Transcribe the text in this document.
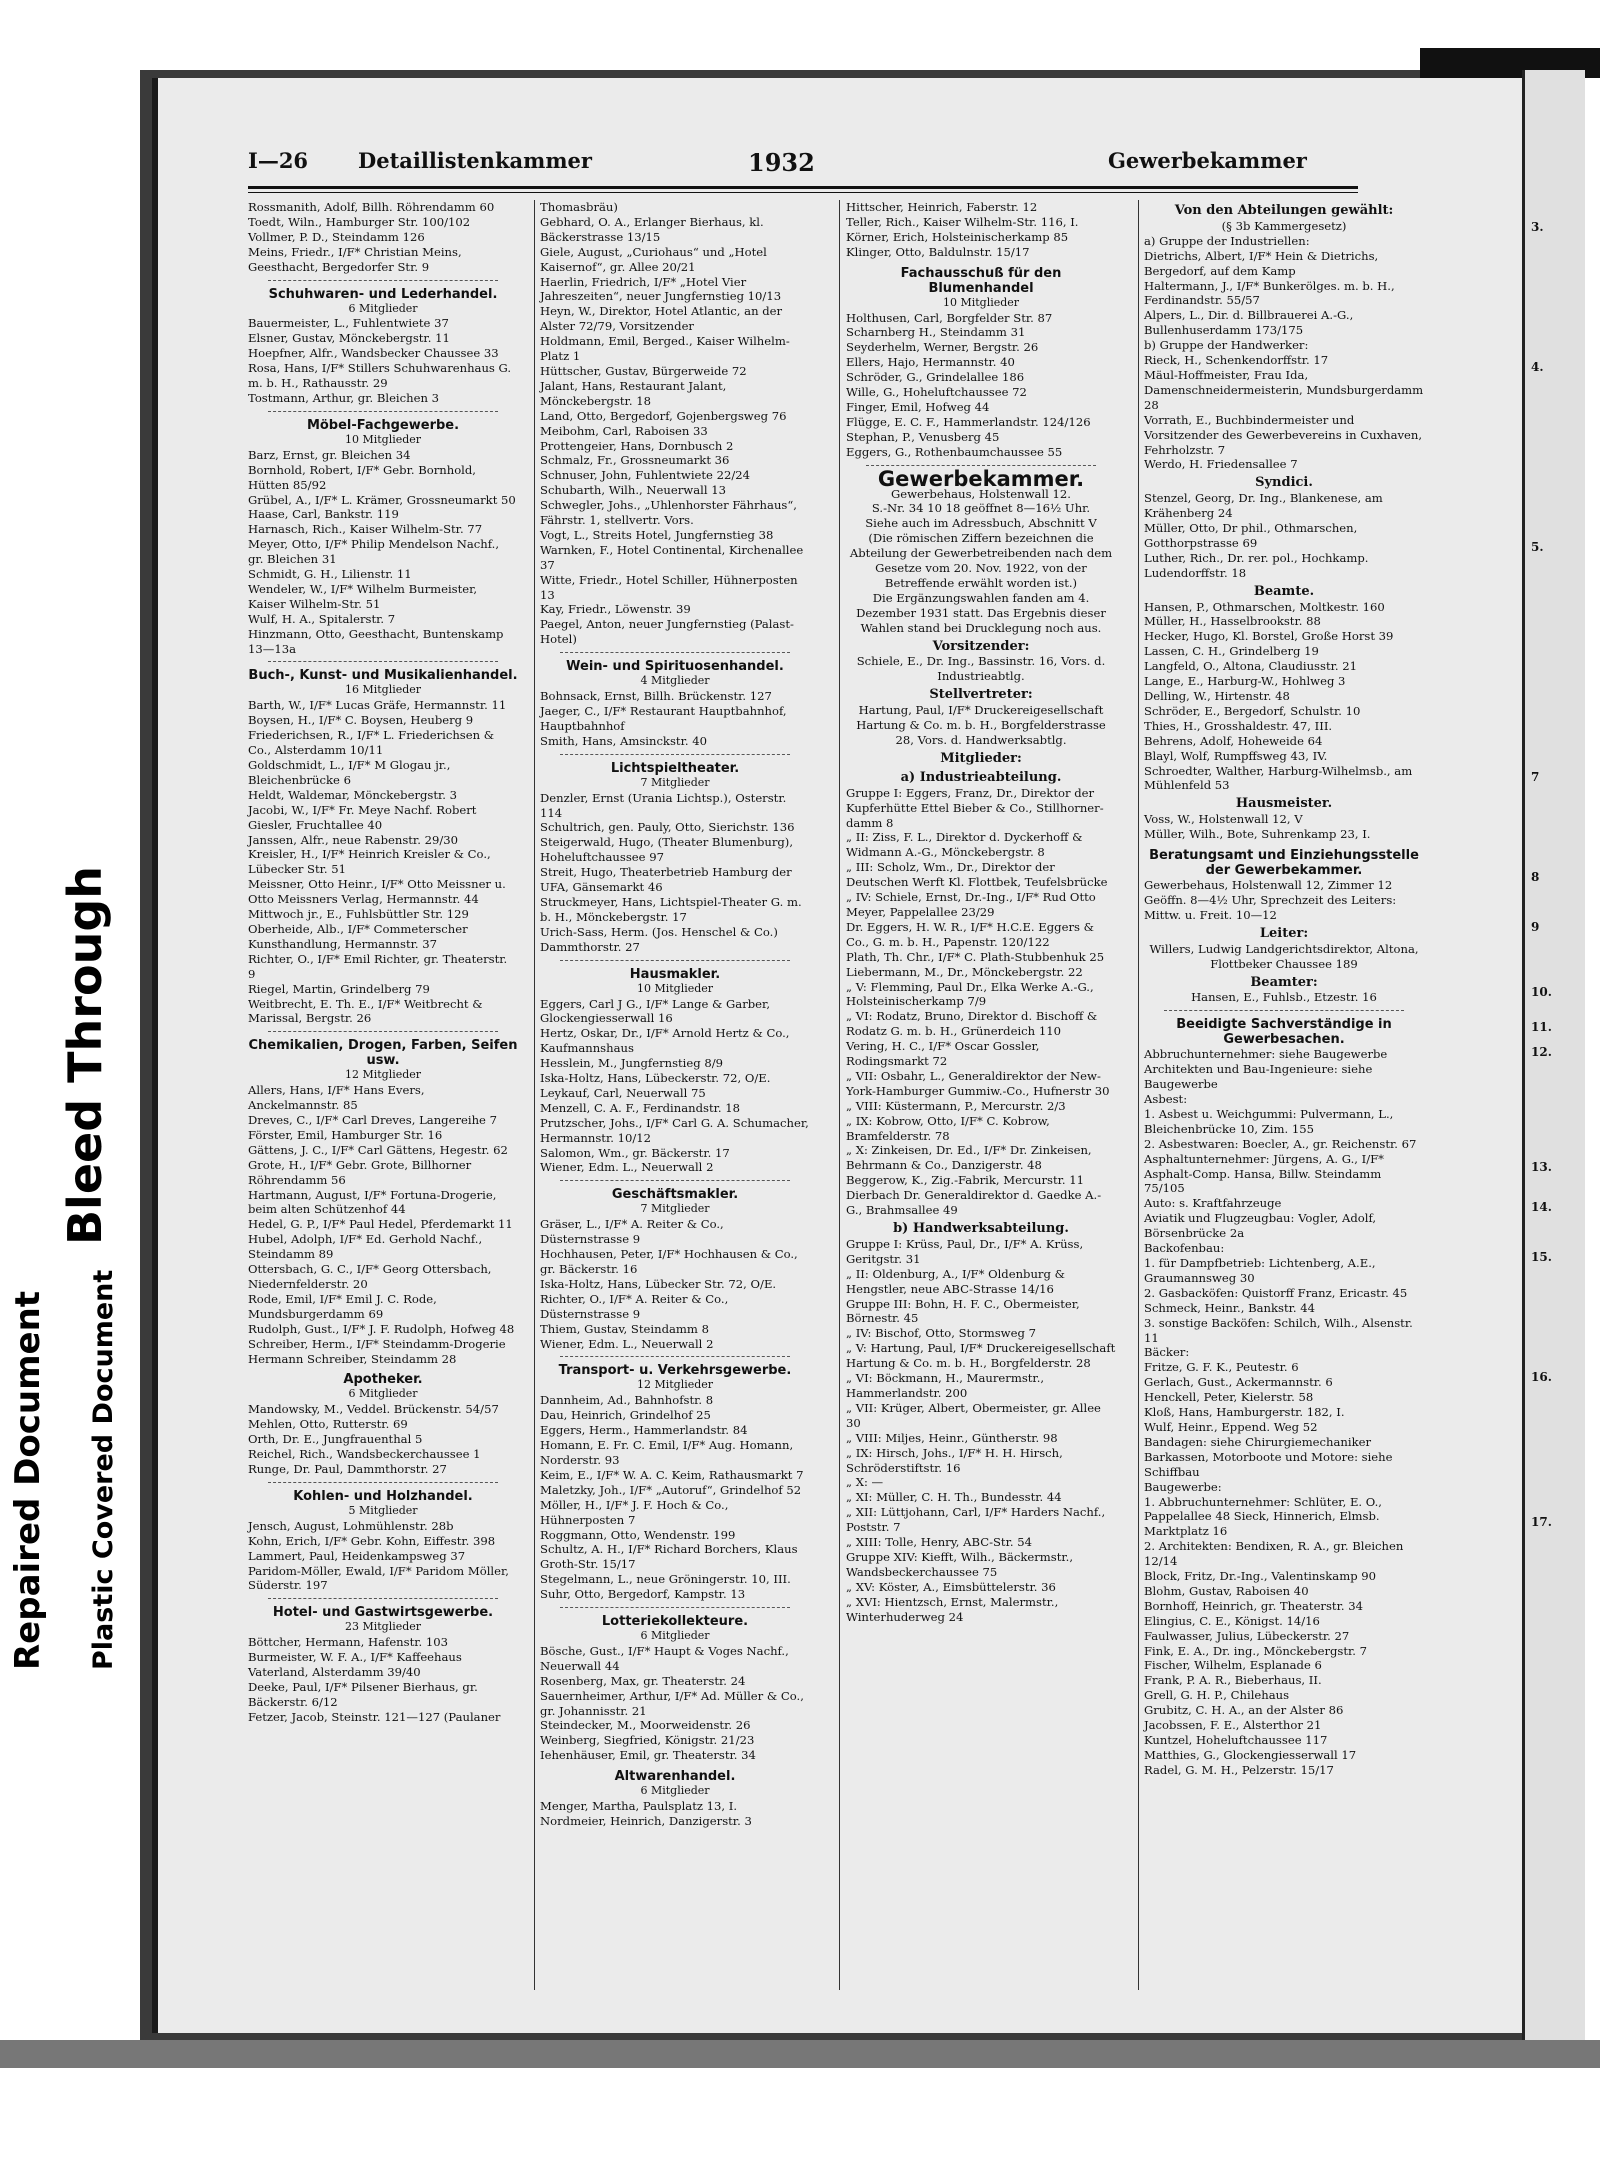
3.
4.
5.
7
8
9
10.
11.
12.
13.
14.
15.
16.
17.
I—26 Detaillistenkammer	1932	Gewerbekammer
Rossmanith, Adolf, Billh. Röhrendamm 60
Toedt, Wiln., Hamburger Str. 100/102
Vollmer, P. D., Steindamm 126
Meins, Friedr., I/F* Christian Meins, Geesthacht, Bergedorfer Str. 9
Schuhwaren- und Lederhandel.
6 Mitglieder
Bauermeister, L., Fuhlentwiete 37
Elsner, Gustav, Mönckebergstr. 11
Hoepfner, Alfr., Wandsbecker Chaussee 33
Rosa, Hans, I/F* Stillers Schuhwarenhaus G. m. b. H., Rathausstr. 29
Tostmann, Arthur, gr. Bleichen 3
Möbel-Fachgewerbe.
10 Mitglieder
Barz, Ernst, gr. Bleichen 34
Bornhold, Robert, I/F* Gebr. Bornhold, Hütten 85/92
Grübel, A., I/F* L. Krämer, Grossneumarkt 50
Haase, Carl, Bankstr. 119
Harnasch, Rich., Kaiser Wilhelm-Str. 77
Meyer, Otto, I/F* Philip Mendelson Nachf., gr. Bleichen 31
Schmidt, G. H., Lilienstr. 11
Wendeler, W., I/F* Wilhelm Burmeister, Kaiser Wilhelm-Str. 51
Wulf, H. A., Spitalerstr. 7
Hinzmann, Otto, Geesthacht, Buntenskamp 13—13a
Buch-, Kunst- und Musikalienhandel.
16 Mitglieder
Barth, W., I/F* Lucas Gräfe, Hermannstr. 11
Boysen, H., I/F* C. Boysen, Heuberg 9
Friederichsen, R., I/F* L. Friederichsen & Co., Alsterdamm 10/11
Goldschmidt, L., I/F* M Glogau jr., Bleichenbrücke 6
Heldt, Waldemar, Mönckebergstr. 3
Jacobi, W., I/F* Fr. Meye Nachf. Robert Giesler, Fruchtallee 40
Janssen, Alfr., neue Rabenstr. 29/30
Kreisler, H., I/F* Heinrich Kreisler & Co., Lübecker Str. 51
Meissner, Otto Heinr., I/F* Otto Meissner u. Otto Meissners Verlag, Hermannstr. 44
Mittwoch jr., E., Fuhlsbüttler Str. 129
Oberheide, Alb., I/F* Commeterscher Kunsthandlung, Hermannstr. 37
Richter, O., I/F* Emil Richter, gr. Theaterstr. 9
Riegel, Martin, Grindelberg 79
Weitbrecht, E. Th. E., I/F* Weitbrecht & Marissal, Bergstr. 26
Chemikalien, Drogen, Farben, Seifen usw.
12 Mitglieder
Allers, Hans, I/F* Hans Evers, Anckelmannstr. 85
Dreves, C., I/F* Carl Dreves, Langereihe 7
Förster, Emil, Hamburger Str. 16
Gättens, J. C., I/F* Carl Gättens, Hegestr. 62
Grote, H., I/F* Gebr. Grote, Billhorner Röhrendamm 56
Hartmann, August, I/F* Fortuna-Drogerie, beim alten Schützenhof 44
Hedel, G. P., I/F* Paul Hedel, Pferdemarkt 11
Hubel, Adolph, I/F* Ed. Gerhold Nachf., Steindamm 89
Ottersbach, G. C., I/F* Georg Ottersbach, Niedernfelderstr. 20
Rode, Emil, I/F* Emil J. C. Rode, Mundsburgerdamm 69
Rudolph, Gust., I/F* J. F. Rudolph, Hofweg 48
Schreiber, Herm., I/F* Steindamm-Drogerie Hermann Schreiber, Steindamm 28
Apotheker.
6 Mitglieder
Mandowsky, M., Veddel. Brückenstr. 54/57
Mehlen, Otto, Rutterstr. 69
Orth, Dr. E., Jungfrauenthal 5
Reichel, Rich., Wandsbeckerchaussee 1
Runge, Dr. Paul, Dammthorstr. 27
Kohlen- und Holzhandel.
5 Mitglieder
Jensch, August, Lohmühlenstr. 28b
Kohn, Erich, I/F* Gebr. Kohn, Eiffestr. 398
Lammert, Paul, Heidenkampsweg 37
Paridom-Möller, Ewald, I/F* Paridom Möller, Süderstr. 197
Hotel- und Gastwirtsgewerbe.
23 Mitglieder
Böttcher, Hermann, Hafenstr. 103
Burmeister, W. F. A., I/F* Kaffeehaus Vaterland, Alsterdamm 39/40
Deeke, Paul, I/F* Pilsener Bierhaus, gr. Bäckerstr. 6/12
Fetzer, Jacob, Steinstr. 121—127 (Paulaner
Thomasbräu)
Gebhard, O. A., Erlanger Bierhaus, kl. Bäckerstrasse 13/15
Giele, August, „Curiohaus“ und „Hotel Kaisernof“, gr. Allee 20/21
Haerlin, Friedrich, I/F* „Hotel Vier Jahreszeiten“, neuer Jungfernstieg 10/13
Heyn, W., Direktor, Hotel Atlantic, an der Alster 72/79, Vorsitzender
Holdmann, Emil, Berged., Kaiser Wilhelm-Platz 1
Hüttscher, Gustav, Bürgerweide 72
Jalant, Hans, Restaurant Jalant, Mönckebergstr. 18
Land, Otto, Bergedorf, Gojenbergsweg 76
Meibohm, Carl, Raboisen 33
Prottengeier, Hans, Dornbusch 2
Schmalz, Fr., Grossneumarkt 36
Schnuser, John, Fuhlentwiete 22/24
Schubarth, Wilh., Neuerwall 13
Schwegler, Johs., „Uhlenhorster Fährhaus“, Fährstr. 1, stellvertr. Vors.
Vogt, L., Streits Hotel, Jungfernstieg 38
Warnken, F., Hotel Continental, Kirchenallee 37
Witte, Friedr., Hotel Schiller, Hühnerposten 13
Kay, Friedr., Löwenstr. 39
Paegel, Anton, neuer Jungfernstieg (Palast-Hotel)
Wein- und Spirituosenhandel.
4 Mitglieder
Bohnsack, Ernst, Billh. Brückenstr. 127
Jaeger, C., I/F* Restaurant Hauptbahnhof, Hauptbahnhof
Smith, Hans, Amsinckstr. 40
Lichtspieltheater.
7 Mitglieder
Denzler, Ernst (Urania Lichtsp.), Osterstr. 114
Schultrich, gen. Pauly, Otto, Sierichstr. 136
Steigerwald, Hugo, (Theater Blumenburg), Hoheluftchaussee 97
Streit, Hugo, Theaterbetrieb Hamburg der UFA, Gänsemarkt 46
Struckmeyer, Hans, Lichtspiel-Theater G. m. b. H., Mönckebergstr. 17
Urich-Sass, Herm. (Jos. Henschel & Co.) Dammthorstr. 27
Hausmakler.
10 Mitglieder
Eggers, Carl J G., I/F* Lange & Garber, Glockengiesserwall 16
Hertz, Oskar, Dr., I/F* Arnold Hertz & Co., Kaufmannshaus
Hesslein, M., Jungfernstieg 8/9
Iska-Holtz, Hans, Lübeckerstr. 72, O/E.
Leykauf, Carl, Neuerwall 75
Menzell, C. A. F., Ferdinandstr. 18
Prutzscher, Johs., I/F* Carl G. A. Schumacher, Hermannstr. 10/12
Salomon, Wm., gr. Bäckerstr. 17
Wiener, Edm. L., Neuerwall 2
Geschäftsmakler.
7 Mitglieder
Gräser, L., I/F* A. Reiter & Co., Düsternstrasse 9
Hochhausen, Peter, I/F* Hochhausen & Co., gr. Bäckerstr. 16
Iska-Holtz, Hans, Lübecker Str. 72, O/E.
Richter, O., I/F* A. Reiter & Co., Düsternstrasse 9
Thiem, Gustav, Steindamm 8
Wiener, Edm. L., Neuerwall 2
Transport- u. Verkehrsgewerbe.
12 Mitglieder
Dannheim, Ad., Bahnhofstr. 8
Dau, Heinrich, Grindelhof 25
Eggers, Herm., Hammerlandstr. 84
Homann, E. Fr. C. Emil, I/F* Aug. Homann, Norderstr. 93
Keim, E., I/F* W. A. C. Keim, Rathausmarkt 7
Maletzky, Joh., I/F* „Autoruf“, Grindelhof 52
Möller, H., I/F* J. F. Hoch & Co., Hühnerposten 7
Roggmann, Otto, Wendenstr. 199
Schultz, A. H., I/F* Richard Borchers, Klaus Groth-Str. 15/17
Stegelmann, L., neue Gröningerstr. 10, III.
Suhr, Otto, Bergedorf, Kampstr. 13
Lotteriekollekteure.
6 Mitglieder
Bösche, Gust., I/F* Haupt & Voges Nachf., Neuerwall 44
Rosenberg, Max, gr. Theaterstr. 24
Sauernheimer, Arthur, I/F* Ad. Müller & Co., gr. Johannisstr. 21
Steindecker, M., Moorweidenstr. 26
Weinberg, Siegfried, Königstr. 21/23
Iehenhäuser, Emil, gr. Theaterstr. 34
Altwarenhandel.
6 Mitglieder
Menger, Martha, Paulsplatz 13, I.
Nordmeier, Heinrich, Danzigerstr. 3
Hittscher, Heinrich, Faberstr. 12
Teller, Rich., Kaiser Wilhelm-Str. 116, I.
Körner, Erich, Holsteinischerkamp 85
Klinger, Otto, Baldulnstr. 15/17
Fachausschuß für den Blumenhandel
10 Mitglieder
Holthusen, Carl, Borgfelder Str. 87
Scharnberg H., Steindamm 31
Seyderhelm, Werner, Bergstr. 26
Ellers, Hajo, Hermannstr. 40
Schröder, G., Grindelallee 186
Wille, G., Hoheluftchaussee 72
Finger, Emil, Hofweg 44
Flügge, E. C. F., Hammerlandstr. 124/126
Stephan, P., Venusberg 45
Eggers, G., Rothenbaumchaussee 55
Gewerbekammer.
Gewerbehaus, Holstenwall 12.
S.-Nr. 34 10 18 geöffnet 8—16½ Uhr.
Siehe auch im Adressbuch, Abschnitt V
(Die römischen Ziffern bezeichnen die Abteilung der Gewerbetreibenden nach dem Gesetze vom 20. Nov. 1922, von der Betreffende erwählt worden ist.)
Die Ergänzungswahlen fanden am 4. Dezember 1931 statt. Das Ergebnis dieser Wahlen stand bei Drucklegung noch aus.
Vorsitzender:
Schiele, E., Dr. Ing., Bassinstr. 16, Vors. d. Industrieabtlg.
Stellvertreter:
Hartung, Paul, I/F* Druckereigesellschaft Hartung & Co. m. b. H., Borgfelderstrasse 28, Vors. d. Handwerksabtlg.
Mitglieder:
a) Industrieabteilung.
Gruppe I: Eggers, Franz, Dr., Direktor der Kupferhütte Ettel Bieber & Co., Stillhorner-damm 8
„ II: Ziss, F. L., Direktor d. Dyckerhoff & Widmann A.-G., Mönckebergstr. 8
„ III: Scholz, Wm., Dr., Direktor der Deutschen Werft Kl. Flottbek, Teufelsbrücke
„ IV: Schiele, Ernst, Dr.-Ing., I/F* Rud Otto Meyer, Pappelallee 23/29
Dr. Eggers, H. W. R., I/F* H.C.E. Eggers & Co., G. m. b. H., Papenstr. 120/122
Plath, Th. Chr., I/F* C. Plath-Stubbenhuk 25
Liebermann, M., Dr., Mönckebergstr. 22
„ V: Flemming, Paul Dr., Elka Werke A.-G., Holsteinischerkamp 7/9
„ VI: Rodatz, Bruno, Direktor d. Bischoff & Rodatz G. m. b. H., Grünerdeich 110
Vering, H. C., I/F* Oscar Gossler, Rodingsmarkt 72
„ VII: Osbahr, L., Generaldirektor der New-York-Hamburger Gummiw.-Co., Hufnerstr 30
„ VIII: Küstermann, P., Mercurstr. 2/3
„ IX: Kobrow, Otto, I/F* C. Kobrow, Bramfelderstr. 78
„ X: Zinkeisen, Dr. Ed., I/F* Dr. Zinkeisen, Behrmann & Co., Danzigerstr. 48
Beggerow, K., Zig.-Fabrik, Mercurstr. 11
Dierbach Dr. Generaldirektor d. Gaedke A.-G., Brahmsallee 49
b) Handwerksabteilung.
Gruppe I: Krüss, Paul, Dr., I/F* A. Krüss, Geritgstr. 31
„ II: Oldenburg, A., I/F* Oldenburg & Hengstler, neue ABC-Strasse 14/16
Gruppe III: Bohn, H. F. C., Obermeister, Börnestr. 45
„ IV: Bischof, Otto, Stormsweg 7
„ V: Hartung, Paul, I/F* Druckereigesellschaft Hartung & Co. m. b. H., Borgfelderstr. 28
„ VI: Böckmann, H., Maurermstr., Hammerlandstr. 200
„ VII: Krüger, Albert, Obermeister, gr. Allee 30
„ VIII: Miljes, Heinr., Güntherstr. 98
„ IX: Hirsch, Johs., I/F* H. H. Hirsch, Schröderstiftstr. 16
„ X: —
„ XI: Müller, C. H. Th., Bundesstr. 44
„ XII: Lüttjohann, Carl, I/F* Harders Nachf., Poststr. 7
„ XIII: Tolle, Henry, ABC-Str. 54
Gruppe XIV: Kiefft, Wilh., Bäckermstr., Wandsbeckerchaussee 75
„ XV: Köster, A., Eimsbüttelerstr. 36
„ XVI: Hientzsch, Ernst, Malermstr., Winterhuderweg 24
Von den Abteilungen gewählt:
(§ 3b Kammergesetz)
a) Gruppe der Industriellen:
Dietrichs, Albert, I/F* Hein & Dietrichs, Bergedorf, auf dem Kamp
Haltermann, J., I/F* Bunkerölges. m. b. H., Ferdinandstr. 55/57
Alpers, L., Dir. d. Billbrauerei A.-G., Bullenhuserdamm 173/175
b) Gruppe der Handwerker:
Rieck, H., Schenkendorffstr. 17
Mäul-Hoffmeister, Frau Ida, Damenschneidermeisterin, Mundsburgerdamm 28
Vorrath, E., Buchbindermeister und Vorsitzender des Gewerbevereins in Cuxhaven, Fehrholzstr. 7
Werdo, H. Friedensallee 7
Syndici.
Stenzel, Georg, Dr. Ing., Blankenese, am Krähenberg 24
Müller, Otto, Dr phil., Othmarschen, Gotthorpstrasse 69
Luther, Rich., Dr. rer. pol., Hochkamp. Ludendorffstr. 18
Beamte.
Hansen, P., Othmarschen, Moltkestr. 160
Müller, H., Hasselbrookstr. 88
Hecker, Hugo, Kl. Borstel, Große Horst 39
Lassen, C. H., Grindelberg 19
Langfeld, O., Altona, Claudiusstr. 21
Lange, E., Harburg-W., Hohlweg 3
Delling, W., Hirtenstr. 48
Schröder, E., Bergedorf, Schulstr. 10
Thies, H., Grosshaldestr. 47, III.
Behrens, Adolf, Hoheweide 64
Blayl, Wolf, Rumpffsweg 43, IV.
Schroedter, Walther, Harburg-Wilhelmsb., am Mühlenfeld 53
Hausmeister.
Voss, W., Holstenwall 12, V
Müller, Wilh., Bote, Suhrenkamp 23, I.
Beratungsamt und Einziehungsstelle der Gewerbekammer.
Gewerbehaus, Holstenwall 12, Zimmer 12
Geöffn. 8—4½ Uhr, Sprechzeit des Leiters: Mittw. u. Freit. 10—12
Leiter:
Willers, Ludwig Landgerichtsdirektor, Altona, Flottbeker Chaussee 189
Beamter:
Hansen, E., Fuhlsb., Etzestr. 16
Beeidigte Sachverständige in Gewerbesachen.
Abbruchunternehmer: siehe Baugewerbe
Architekten und Bau-Ingenieure: siehe Baugewerbe
Asbest:
1. Asbest u. Weichgummi: Pulvermann, L., Bleichenbrücke 10, Zim. 155
2. Asbestwaren: Boecler, A., gr. Reichenstr. 67
Asphaltunternehmer: Jürgens, A. G., I/F* Asphalt-Comp. Hansa, Billw. Steindamm 75/105
Auto: s. Kraftfahrzeuge
Aviatik und Flugzeugbau: Vogler, Adolf, Börsenbrücke 2a
Backofenbau:
1. für Dampfbetrieb: Lichtenberg, A.E., Graumannsweg 30
2. Gasbacköfen: Quistorff Franz, Ericastr. 45 Schmeck, Heinr., Bankstr. 44
3. sonstige Backöfen: Schilch, Wilh., Alsenstr. 11
Bäcker:
Fritze, G. F. K., Peutestr. 6
Gerlach, Gust., Ackermannstr. 6
Henckell, Peter, Kielerstr. 58
Kloß, Hans, Hamburgerstr. 182, I.
Wulf, Heinr., Eppend. Weg 52
Bandagen: siehe Chirurgiemechaniker
Barkassen, Motorboote und Motore: siehe Schiffbau
Baugewerbe:
1. Abbruchunternehmer: Schlüter, E. O., Pappelallee 48 Sieck, Hinnerich, Elmsb. Marktplatz 16
2. Architekten: Bendixen, R. A., gr. Bleichen 12/14
Block, Fritz, Dr.-Ing., Valentinskamp 90
Blohm, Gustav, Raboisen 40
Bornhoff, Heinrich, gr. Theaterstr. 34
Elingius, C. E., Königst. 14/16
Faulwasser, Julius, Lübeckerstr. 27
Fink, E. A., Dr. ing., Mönckebergstr. 7
Fischer, Wilhelm, Esplanade 6
Frank, P. A. R., Bieberhaus, II.
Grell, G. H. P., Chilehaus
Grubitz, C. H. A., an der Alster 86
Jacobssen, F. E., Alsterthor 21
Kuntzel, Hoheluftchaussee 117
Matthies, G., Glockengiesserwall 17
Radel, G. M. H., Pelzerstr. 15/17
Bleed Through
Repaired Document Plastic Covered Document
